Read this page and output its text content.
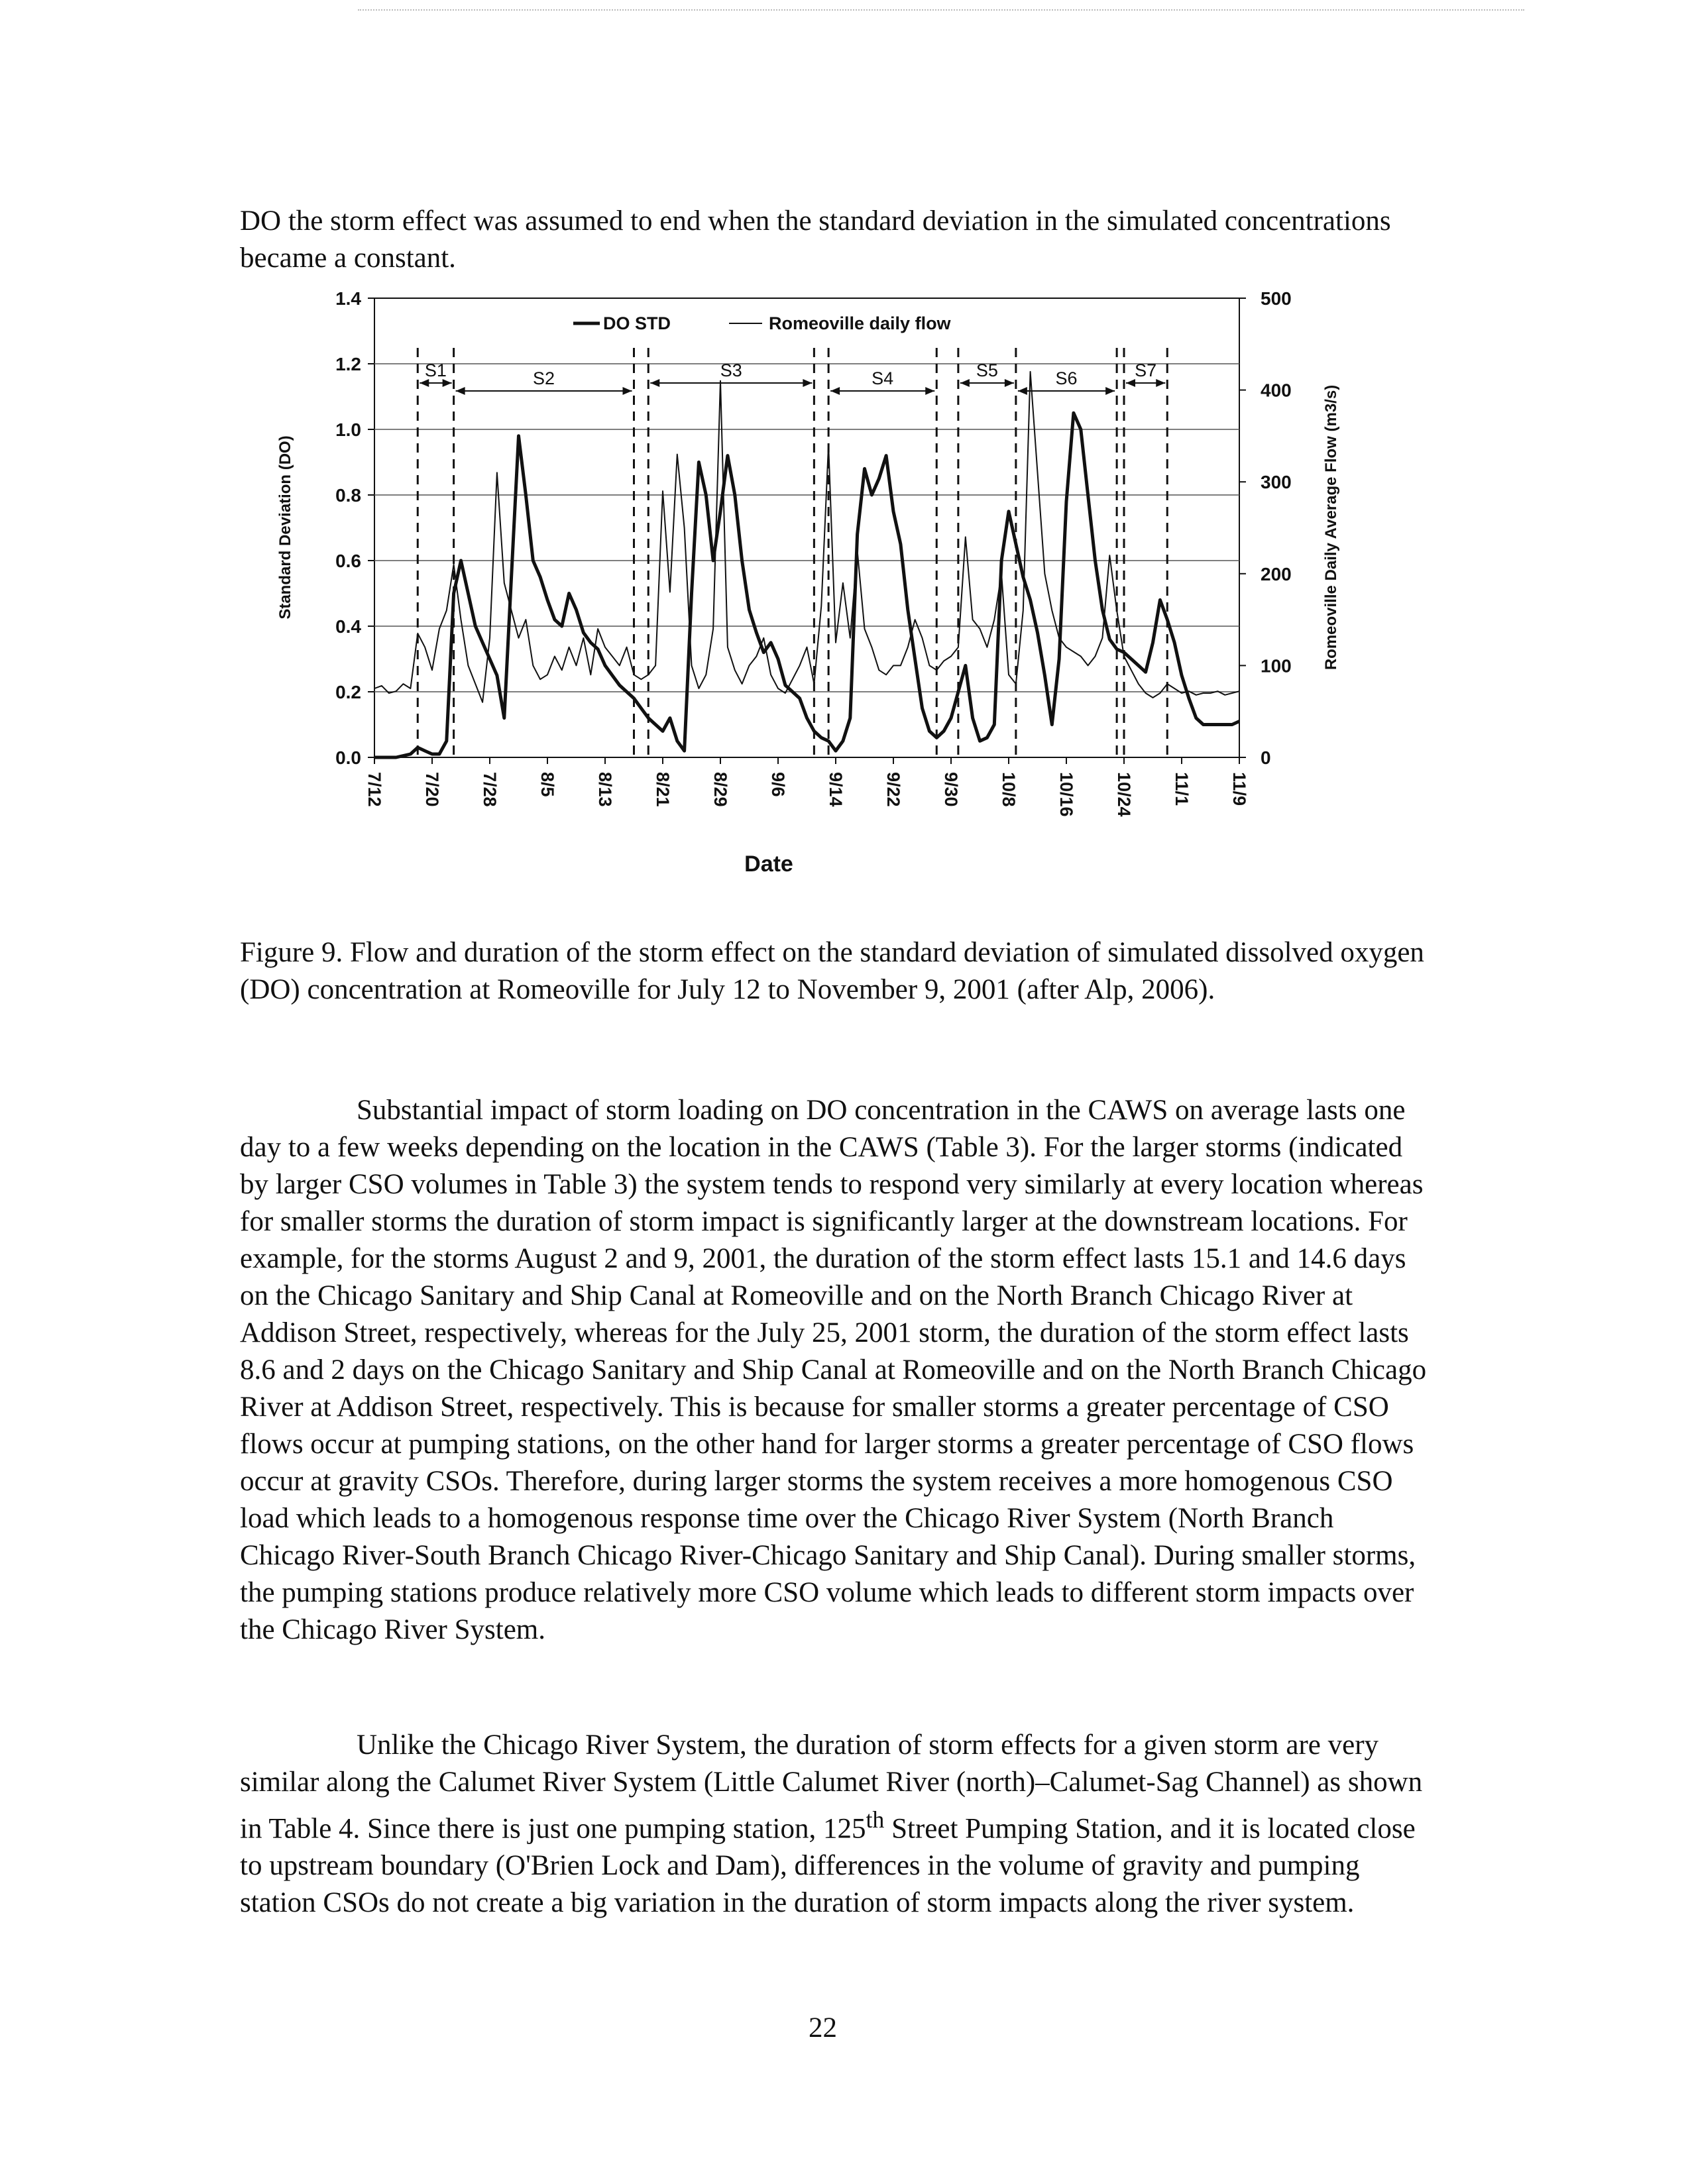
DO the storm effect was assumed to end when the standard deviation in the simulated concentrations became a constant.

S1	S2	S3	S4	S5	S6	S7
0.0
0.2
0.4
0.6
0.8
1.0
1.2
1.4
0
100
200
300
400
500
7/12 7/20 7/28 8/5 8/13 8/21 8/29 9/6 9/14 9/22 9/30 10/8 10/16 10/24 11/1 11/9
DO STD	Romeoville daily flow
Standard Deviation (DO)	Romeoville Daily Average Flow (m3/s)
Date

Figure 9. Flow and duration of the storm effect on the standard deviation of simulated dissolved oxygen (DO) concentration at Romeoville for July 12 to November 9, 2001 (after Alp, 2006).

Substantial impact of storm loading on DO concentration in the CAWS on average lasts one day to a few weeks depending on the location in the CAWS (Table 3). For the larger storms (indicated by larger CSO volumes in Table 3) the system tends to respond very similarly at every location whereas for smaller storms the duration of storm impact is significantly larger at the downstream locations. For example, for the storms August 2 and 9, 2001, the duration of the storm effect lasts 15.1 and 14.6 days on the Chicago Sanitary and Ship Canal at Romeoville and on the North Branch Chicago River at Addison Street, respectively, whereas for the July 25, 2001 storm, the duration of the storm effect lasts 8.6 and 2 days on the Chicago Sanitary and Ship Canal at Romeoville and on the North Branch Chicago River at Addison Street, respectively. This is because for smaller storms a greater percentage of CSO flows occur at pumping stations, on the other hand for larger storms a greater percentage of CSO flows occur at gravity CSOs. Therefore, during larger storms the system receives a more homogenous CSO load which leads to a homogenous response time over the Chicago River System (North Branch Chicago River-South Branch Chicago River-Chicago Sanitary and Ship Canal). During smaller storms, the pumping stations produce relatively more CSO volume which leads to different storm impacts over the Chicago River System.

Unlike the Chicago River System, the duration of storm effects for a given storm are very similar along the Calumet River System (Little Calumet River (north)–Calumet-Sag Channel) as shown in Table 4. Since there is just one pumping station, 125th Street Pumping Station, and it is located close to upstream boundary (O'Brien Lock and Dam), differences in the volume of gravity and pumping station CSOs do not create a big variation in the duration of storm impacts along the river system.

22
